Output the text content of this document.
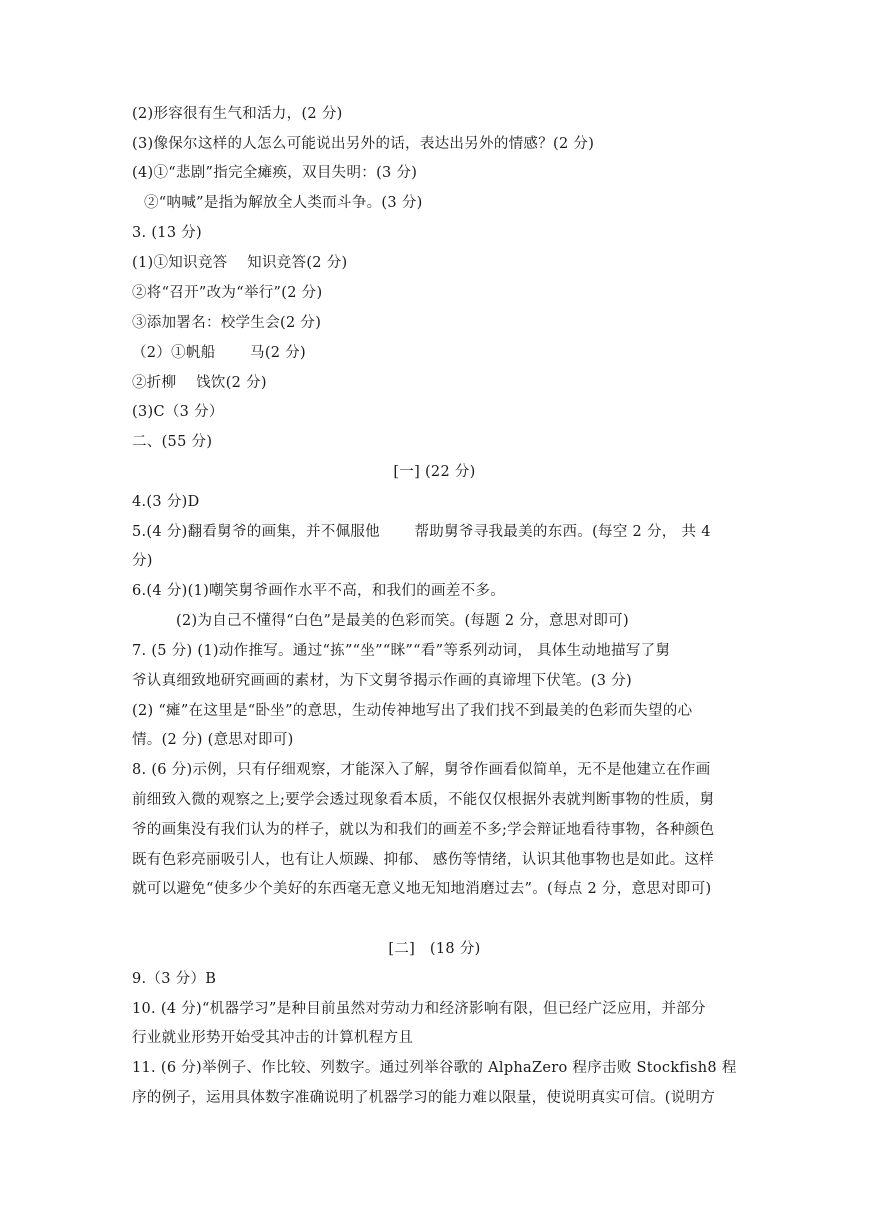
(2)形容很有生气和活力，(2 分)
(3)像保尔这样的人怎么可能说出另外的话，表达出另外的情感？(2 分)
(4)①“悲剧”指完全瘫痪，双目失明：(3 分)
②“呐喊”是指为解放全人类而斗争。(3 分)
3. (13 分)
(1)①知识竞答　 知识竞答(2 分)
②将“召开”改为“举行”(2 分)
③添加署名：校学生会(2 分)
（2）①帆船　　 马(2 分)
②折柳　 饯饮(2 分)
(3)C（3 分）
二、(55 分)
[一] (22 分)
4.(3 分)D
5.(4 分)翻看舅爷的画集，并不佩服他　　 帮助舅爷寻我最美的东西。(每空 2 分， 共 4
分)
6.(4 分)(1)嘲笑舅爷画作水平不高，和我们的画差不多。
(2)为自己不懂得“白色”是最美的色彩而笑。(每题 2 分，意思对即可)
7. (5 分) (1)动作推写。通过“拣”“坐”“眯”“看”等系列动词， 具体生动地描写了舅
爷认真细致地研究画画的素材，为下文舅爷揭示作画的真谛埋下伏笔。(3 分)
(2) “瘫”在这里是“卧坐”的意思，生动传神地写出了我们找不到最美的色彩而失望的心
情。(2 分) (意思对即可)
8. (6 分)示例，只有仔细观察，才能深入了解，舅爷作画看似简单，无不是他建立在作画
前细致入微的观察之上;要学会透过现象看本质，不能仅仅根据外表就判断事物的性质，舅
爷的画集没有我们认为的样子，就以为和我们的画差不多;学会辩证地看待事物，各种颜色
既有色彩亮丽吸引人，也有让人烦躁、抑郁、 感伤等情绪，认识其他事物也是如此。这样
就可以避免“使多少个美好的东西毫无意义地无知地消磨过去”。(每点 2 分，意思对即可)
[二]　(18 分)
9.（3 分）B
10. (4 分)“机器学习”是种目前虽然对劳动力和经济影响有限，但已经广泛应用，并部分
行业就业形势开始受其冲击的计算机程方且
11. (6 分)举例子、作比较、列数字。通过列举谷歌的 AlphaZero 程序击败 Stockfish8 程
序的例子，运用具体数字准确说明了机器学习的能力难以限量，使说明真实可信。(说明方
